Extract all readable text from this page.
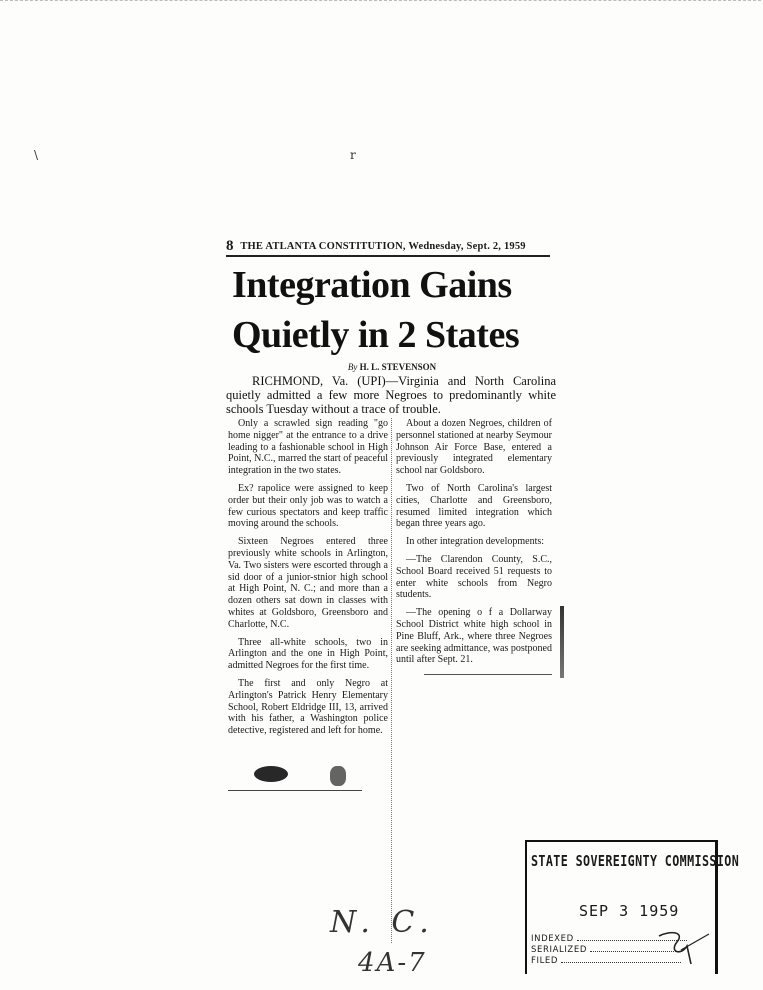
\	r
8 THE ATLANTA CONSTITUTION, Wednesday, Sept. 2, 1959
Integration Gains
Quietly in 2 States
By H. L. STEVENSON
RICHMOND, Va. (UPI)—Virginia and North Carolina quietly admitted a few more Negroes to predominantly white schools Tuesday without a trace of trouble.

Only a scrawled sign reading "go home nigger" at the entrance to a drive leading to a fashionable school in High Point, N.C., marred the start of peaceful integration in the two states.

Ex? rapolice were assigned to keep order but their only job was to watch a few curious spectators and keep traffic moving around the schools.

Sixteen Negroes entered three previously white schools in Arlington, Va. Two sisters were escorted through a sid door of a junior-stnior high school at High Point, N. C.; and more than a dozen others sat down in classes with whites at Goldsboro, Greensboro and Charlotte, N.C.

Three all-white schools, two in Arlington and the one in High Point, admitted Negroes for the first time.

The first and only Negro at Arlington's Patrick Henry Elementary School, Robert Eldridge III, 13, arrived with his father, a Washington police detective, registered and left for home.

About a dozen Negroes, children of personnel stationed at nearby Seymour Johnson Air Force Base, entered a previously integrated elementary school nar Goldsboro.

Two of North Carolina's largest cities, Charlotte and Greensboro, resumed limited integration which began three years ago.

In other integration developments:

—The Clarendon County, S.C., School Board received 51 requests to enter white schools from Negro students.

—The opening o f a Dollarway School District white high school in Pine Bluff, Ark., where three Negroes are seeking admittance, was postponed until after Sept. 21.

STATE SOVEREIGNTY COMMISSION
SEP 3 1959
INDEXED
SERIALIZED
FILED
N. C.
4A-7
